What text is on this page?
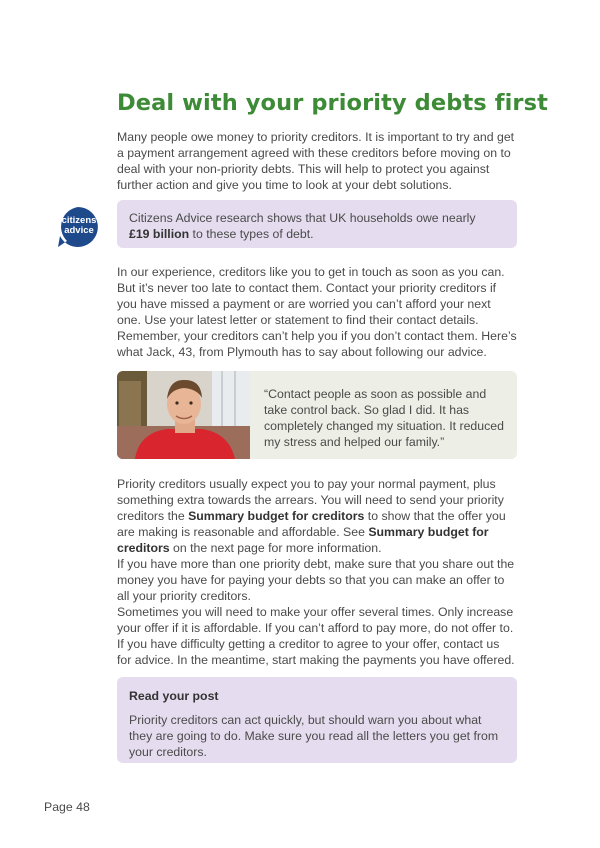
Deal with your priority debts first

Many people owe money to priority creditors. It is important to try and get a payment arrangement agreed with these creditors before moving on to deal with your non-priority debts. This will help to protect you against further action and give you time to look at your debt solutions.

citizens
advice
Citizens Advice research shows that UK households owe nearly
£19 billion to these types of debt.

In our experience, creditors like you to get in touch as soon as you can. But it’s never too late to contact them. Contact your priority creditors if you have missed a payment or are worried you can’t afford your next one. Use your latest letter or statement to find their contact details.

Remember, your creditors can’t help you if you don’t contact them. Here’s what Jack, 43, from Plymouth has to say about following our advice.

“Contact people as soon as possible and take control back. So glad I did. It has completely changed my situation. It reduced my stress and helped our family.”

Priority creditors usually expect you to pay your normal payment, plus something extra towards the arrears. You will need to send your priority creditors the Summary budget for creditors to show that the offer you are making is reasonable and affordable. See Summary budget for creditors on the next page for more information.

If you have more than one priority debt, make sure that you share out the money you have for paying your debts so that you can make an offer to all your priority creditors.

Sometimes you will need to make your offer several times. Only increase your offer if it is affordable. If you can’t afford to pay more, do not offer to. If you have difficulty getting a creditor to agree to your offer, contact us for advice. In the meantime, start making the payments you have offered.

Read your post

Priority creditors can act quickly, but should warn you about what they are going to do. Make sure you read all the letters you get from your creditors.

Page 48
